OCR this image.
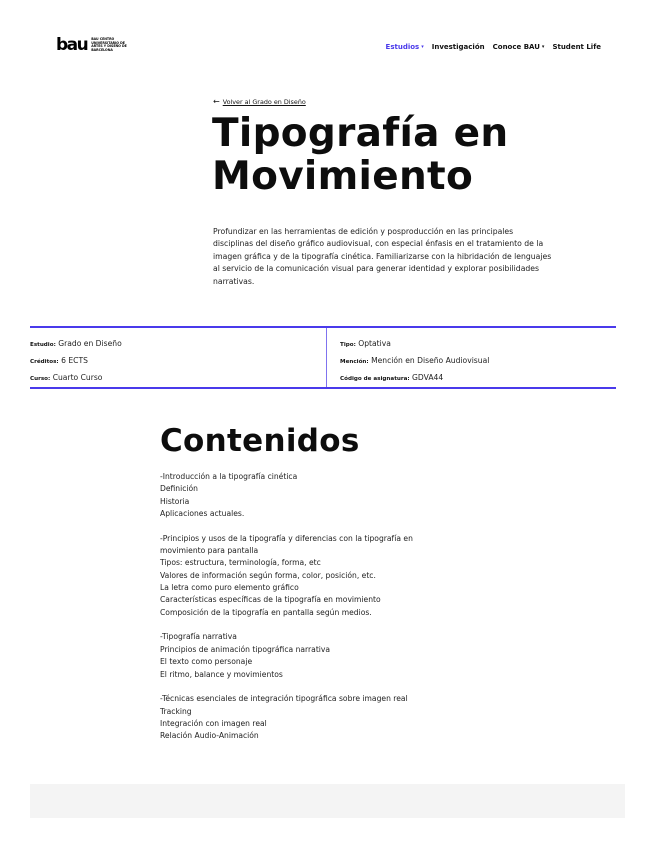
bau BAU CENTRO UNIVERSITARIO DE ARTES Y DISEÑO DE BARCELONA	Estudios ▾ Investigación Conoce BAU ▾ Student Life
← Volver al Grado en Diseño
Tipografía en Movimiento

Profundizar en las herramientas de edición y posproducción en las principales disciplinas del diseño gráfico audiovisual, con especial énfasis en el tratamiento de la imagen gráfica y de la tipografía cinética. Familiarizarse con la hibridación de lenguajes al servicio de la comunicación visual para generar identidad y explorar posibilidades narrativas.

Estudio: Grado en Diseño
Créditos: 6 ECTS
Curso: Cuarto Curso
Tipo: Optativa
Mención: Mención en Diseño Audiovisual
Código de asignatura: GDVA44
Contenidos
-Introducción a la tipografía cinética
Definición
Historia
Aplicaciones actuales.
-Principios y usos de la tipografía y diferencias con la tipografía en
movimiento para pantalla
Tipos: estructura, terminología, forma, etc
Valores de información según forma, color, posición, etc.
La letra como puro elemento gráfico
Características específicas de la tipografía en movimiento
Composición de la tipografía en pantalla según medios.
-Tipografía narrativa
Principios de animación tipográfica narrativa
El texto como personaje
El ritmo, balance y movimientos
-Técnicas esenciales de integración tipográfica sobre imagen real
Tracking
Integración con imagen real
Relación Audio-Animación
